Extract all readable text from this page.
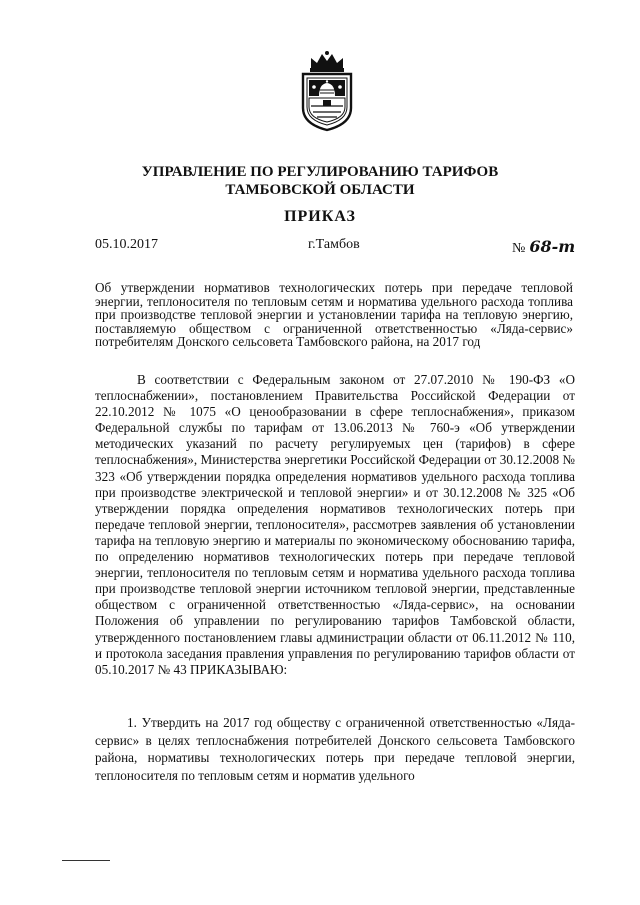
УПРАВЛЕНИЕ ПО РЕГУЛИРОВАНИЮ ТАРИФОВ
ТАМБОВСКОЙ ОБЛАСТИ
ПРИКАЗ
05.10.2017	г.Тамбов	№ 68-т

Об утверждении нормативов технологических потерь при передаче тепловой энергии, теплоносителя по тепловым сетям и норматива удельного расхода топлива при производстве тепловой энергии и установлении тарифа на тепловую энергию, поставляемую обществом с ограниченной ответственностью «Ляда-сервис» потребителям Донского сельсовета Тамбовского района, на 2017 год

В соответствии с Федеральным законом от 27.07.2010 № 190-ФЗ «О теплоснабжении», постановлением Правительства Российской Федерации от 22.10.2012 № 1075 «О ценообразовании в сфере теплоснабжения», приказом Федеральной службы по тарифам от 13.06.2013 № 760-э «Об утверждении методических указаний по расчету регулируемых цен (тарифов) в сфере теплоснабжения», Министерства энергетики Российской Федерации от 30.12.2008 № 323 «Об утверждении порядка определения нормативов удельного расхода топлива при производстве электрической и тепловой энергии» и от 30.12.2008 № 325 «Об утверждении порядка определения нормативов технологических потерь при передаче тепловой энергии, теплоносителя», рассмотрев заявления об установлении тарифа на тепловую энергию и материалы по экономическому обоснованию тарифа, по определению нормативов технологических потерь при передаче тепловой энергии, теплоносителя по тепловым сетям и норматива удельного расхода топлива при производстве тепловой энергии источником тепловой энергии, представленные обществом с ограниченной ответственностью «Ляда-сервис», на основании Положения об управлении по регулированию тарифов Тамбовской области, утвержденного постановлением главы администрации области от 06.11.2012 № 110, и протокола заседания правления управления по регулированию тарифов области от 05.10.2017 № 43 ПРИКАЗЫВАЮ:

1. Утвердить на 2017 год обществу с ограниченной ответственностью «Ляда-сервис» в целях теплоснабжения потребителей Донского сельсовета Тамбовского района, нормативы технологических потерь при передаче тепловой энергии, теплоносителя по тепловым сетям и норматив удельного
